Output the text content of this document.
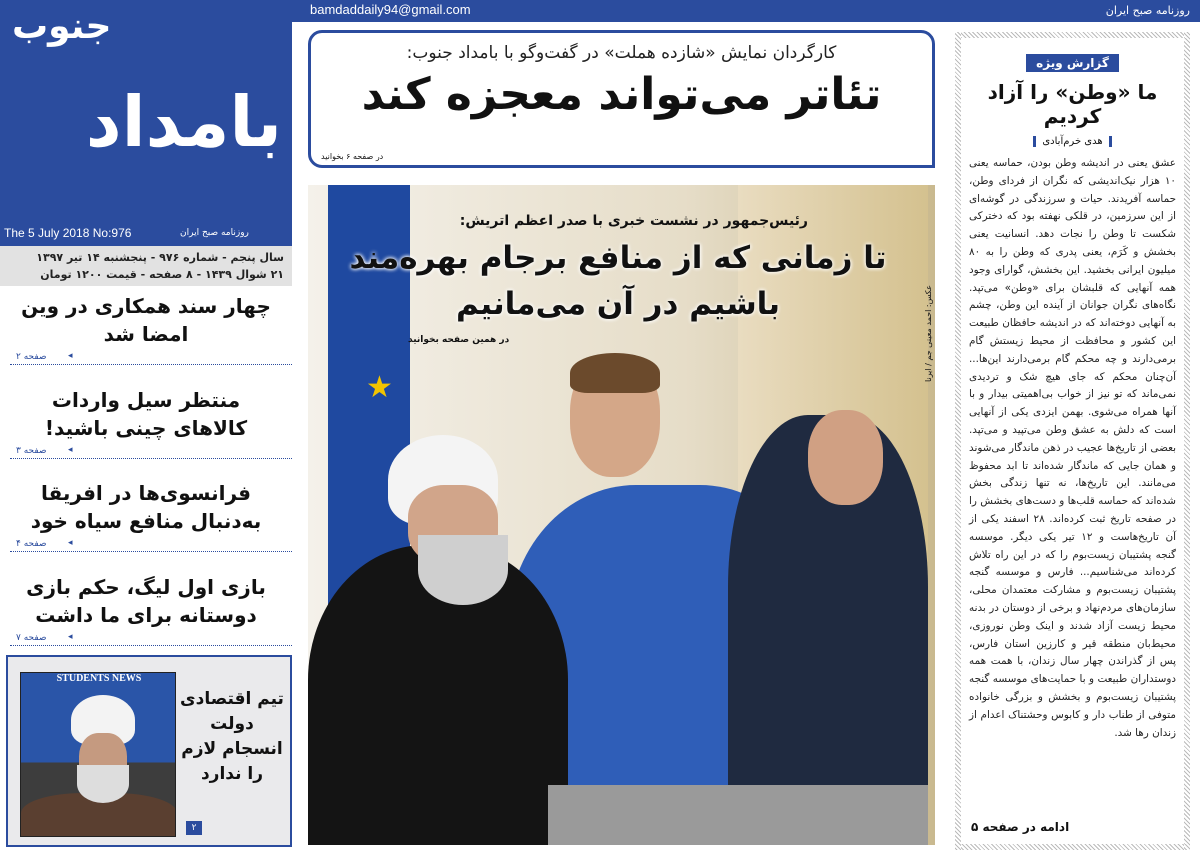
جنوب
بامداد
روزنامه صبح ایران
The 5 July 2018 No:976
سال پنجم - شماره ۹۷۶ - پنجشنبه ۱۴ تیر ۱۳۹۷
۲۱ شوال ۱۴۳۹ - ۸ صفحه - قیمت ۱۲۰۰ تومان
چهار سند همکاری در وین امضا شد
صفحه ۲
◂
منتظر سیل واردات کالاهای چینی باشید!
صفحه ۳
◂
فرانسوی‌ها در افریقا به‌دنبال منافع سیاه خود
صفحه ۴
◂
بازی اول لیگ، حکم بازی دوستانه برای ما داشت
صفحه ۷
◂
STUDENTS NEWS
تیم اقتصادی دولت انسجام لازم را ندارد
۲
bamdaddaily94@gmail.com	روزنامه صبح ایران
کارگردان نمایش «شازده هملت» در گفت‌وگو با بامداد جنوب:
تئاتر می‌تواند معجزه کند
در صفحه ۶ بخوانید
★
رئیس‌جمهور در نشست خبری با صدر اعظم اتریش:
تا زمانی که از منافع برجام بهره‌مند باشیم در آن می‌مانیم
در همین صفحه بخوانید	عکس: احمد معینی جم / ایرنا
گزارش ویژه
ما «وطن» را آزاد کردیم
هدی خرم‌آبادی
عشق یعنی در اندیشه وطن بودن، حماسه یعنی ۱۰ هزار نیک‌اندیشی که نگران از فردای وطن، حماسه آفریدند. حیات و سرزندگی در گوشه‌ای از این سرزمین، در قلکی نهفته بود که دخترکی شکست تا وطن را نجات دهد. انسانیت یعنی بخشش و کَرَم، یعنی پدری که وطن را به ۸۰ میلیون ایرانی بخشید. این بخشش، گوارای وجود همه آنهایی که قلبشان برای «وطن» می‌تپد. نگاه‌های نگران جوانان از آینده این وطن، چشم به آنهایی دوخته‌اند که در اندیشه حافظان طبیعت این کشور و محافظت از محیط زیستش گام برمی‌دارند و چه محکم گام برمی‌دارند این‌ها... آن‌چنان محکم که جای هیچ شک و تردیدی نمی‌ماند که تو نیز از خواب بی‌اهمیتی بیدار و با آنها همراه می‌شوی. بهمن ایزدی یکی از آنهایی است که دلش به عشق وطن می‌تپید و می‌تپد. بعضی از تاریخ‌ها عجیب در ذهن ماندگار می‌شوند و همان جایی که ماندگار شده‌اند تا ابد محفوظ می‌مانند. این تاریخ‌ها، نه تنها زندگی بخش شده‌اند که حماسه قلب‌ها و دست‌های بخشش را در صفحه تاریخ ثبت کرده‌اند. ۲۸ اسفند یکی از آن تاریخ‌هاست و ۱۲ تیر یکی دیگر. موسسه گنجه پشتیبان زیست‌بوم را که در این راه تلاش کرده‌اند می‌شناسیم... فارس و موسسه گنجه پشتیبان زیست‌بوم و مشارکت معتمدان محلی، سازمان‌های مردم‌نهاد و برخی از دوستان در بدنه محیط زیست آزاد شدند و اینک وطن نوروزی، محیط‌بان منطقه قیر و کارزین استان فارس، پس از گذراندن چهار سال زندان، با همت همه دوستداران طبیعت و با حمایت‌های موسسه گنجه پشتیبان زیست‌بوم و بخشش و بزرگی خانواده متوفی از طناب دار و کابوس وحشتناک اعدام از زندان رها شد.
ادامه در صفحه ۵
